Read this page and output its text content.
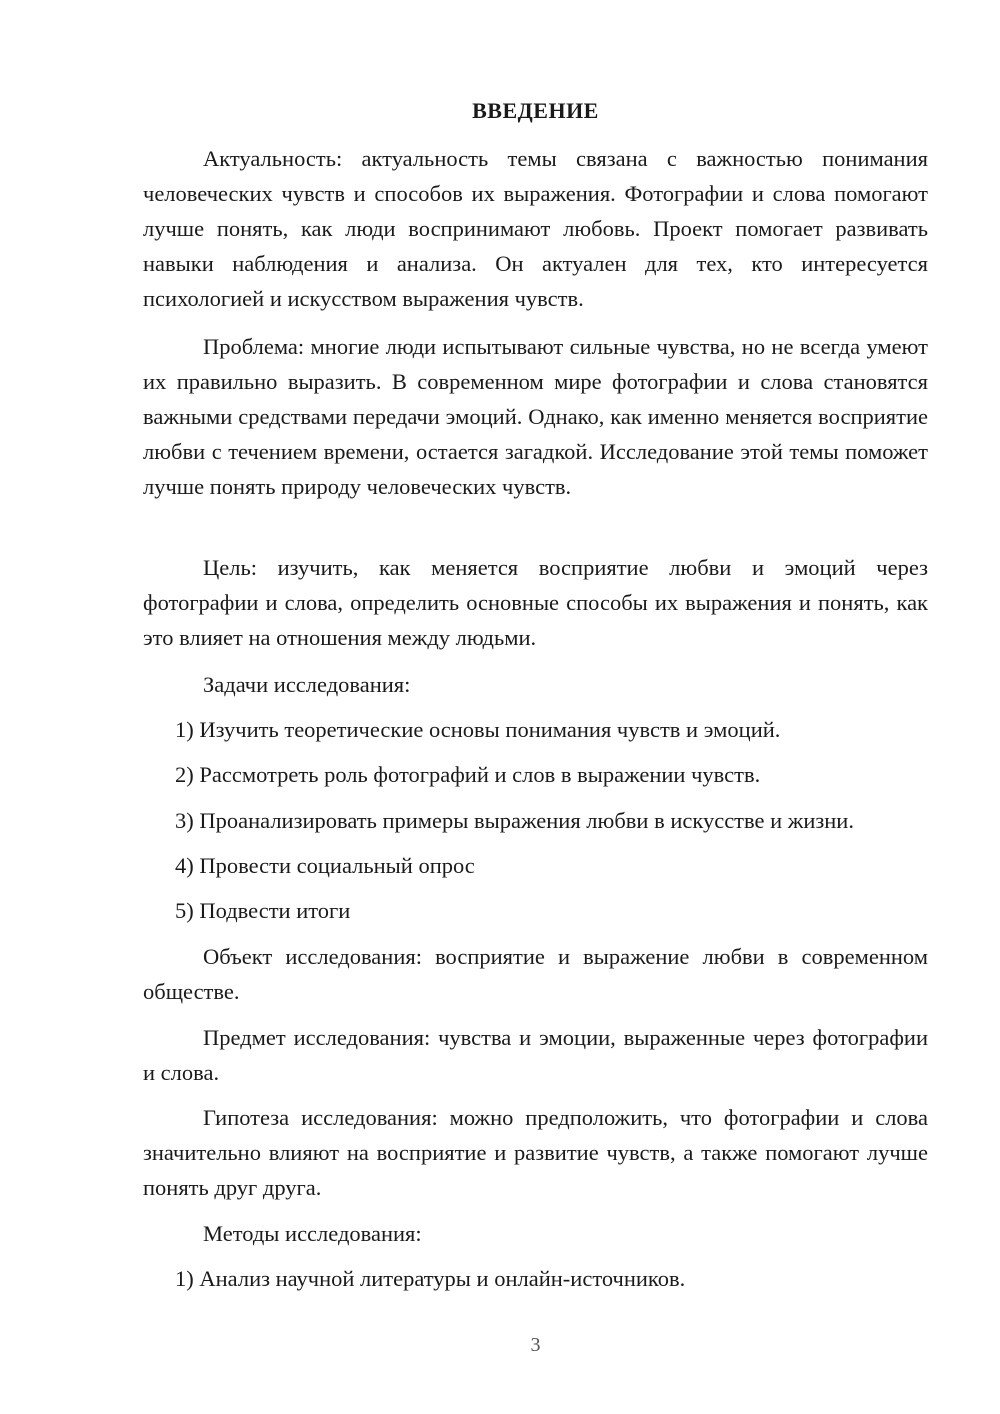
ВВЕДЕНИЕ

Актуальность: актуальность темы связана с важностью понимания человеческих чувств и способов их выражения. Фотографии и слова помогают лучше понять, как люди воспринимают любовь. Проект помогает развивать навыки наблюдения и анализа. Он актуален для тех, кто интересуется психологией и искусством выражения чувств.

Проблема: многие люди испытывают сильные чувства, но не всегда умеют их правильно выразить. В современном мире фотографии и слова становятся важными средствами передачи эмоций. Однако, как именно меняется восприятие любви с течением времени, остается загадкой. Исследование этой темы поможет лучше понять природу человеческих чувств.

Цель: изучить, как меняется восприятие любви и эмоций через фотографии и слова, определить основные способы их выражения и понять, как это влияет на отношения между людьми.

Задачи исследования:

1) Изучить теоретические основы понимания чувств и эмоций.

2) Рассмотреть роль фотографий и слов в выражении чувств.

3) Проанализировать примеры выражения любви в искусстве и жизни.

4) Провести социальный опрос

5) Подвести итоги

Объект исследования: восприятие и выражение любви в современном обществе.

Предмет исследования: чувства и эмоции, выраженные через фотографии и слова.

Гипотеза исследования: можно предположить, что фотографии и слова значительно влияют на восприятие и развитие чувств, а также помогают лучше понять друг друга.

Методы исследования:

1) Анализ научной литературы и онлайн-источников.

3
